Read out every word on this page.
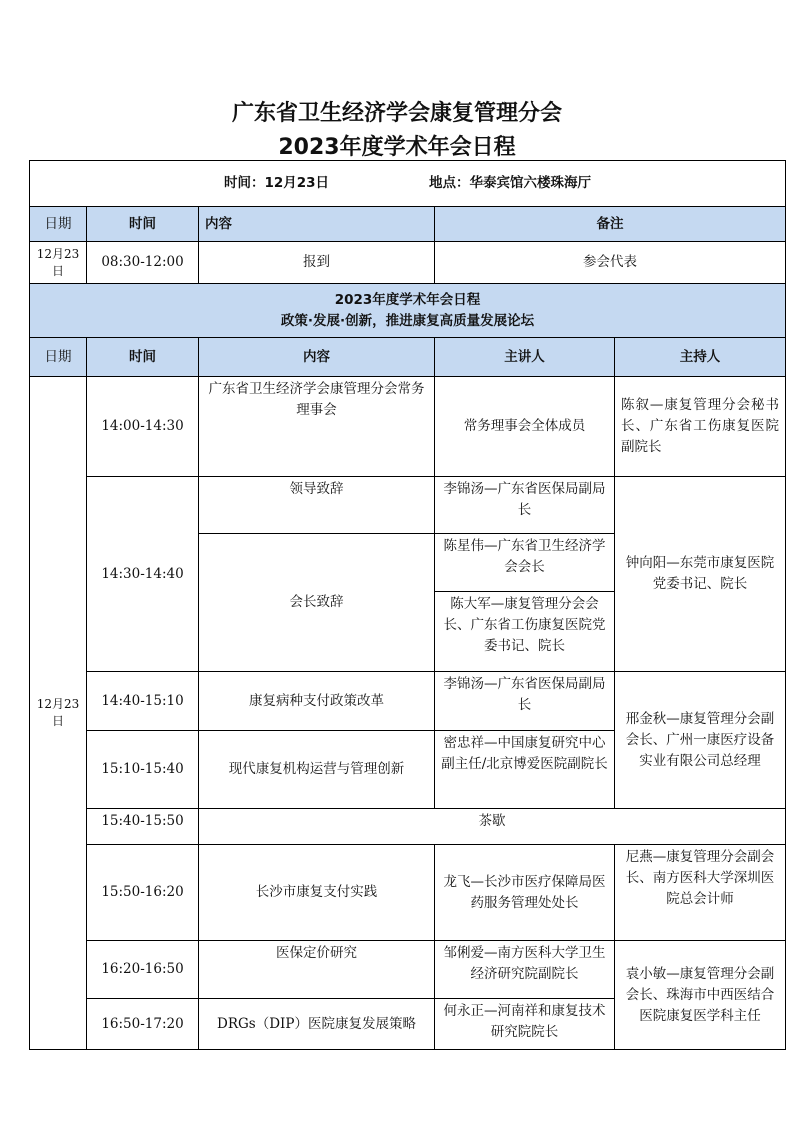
广东省卫生经济学会康复管理分会
2023年度学术年会日程
时间：12月23日 地点：华泰宾馆六楼珠海厅				
日期	时间	内容	备注	
12月23日	08:30-12:00	报到	参会代表	

2023年度学术年会日程
政策·发展·创新，推进康复高质量发展论坛				

日期	时间	内容	主讲人	主持人
12月23日	14:00-14:30	广东省卫生经济学会康管理分会常务理事会	常务理事会全体成员	陈叙—康复管理分会秘书长、广东省工伤康复医院副院长
	14:30-14:40	领导致辞	李锦汤—广东省医保局副局长	钟向阳—东莞市康复医院党委书记、院长
		会长致辞	陈星伟—广东省卫生经济学会会长	
			陈大军—康复管理分会会长、广东省工伤康复医院党委书记、院长	
	14:40-15:10	康复病种支付政策改革	李锦汤—广东省医保局副局长	邢金秋—康复管理分会副会长、广州一康医疗设备实业有限公司总经理
	15:10-15:40	现代康复机构运营与管理创新	密忠祥—中国康复研究中心副主任/北京博爱医院副院长	
	15:40-15:50	茶歇		
	15:50-16:20	长沙市康复支付实践	龙飞—长沙市医疗保障局医药服务管理处处长	尼燕—康复管理分会副会长、南方医科大学深圳医院总会计师
	16:20-16:50	医保定价研究	邹俐爱—南方医科大学卫生经济研究院副院长	袁小敏—康复管理分会副会长、珠海市中西医结合医院康复医学科主任
	16:50-17:20	DRGs（DIP）医院康复发展策略	何永正—河南祥和康复技术研究院院长	
